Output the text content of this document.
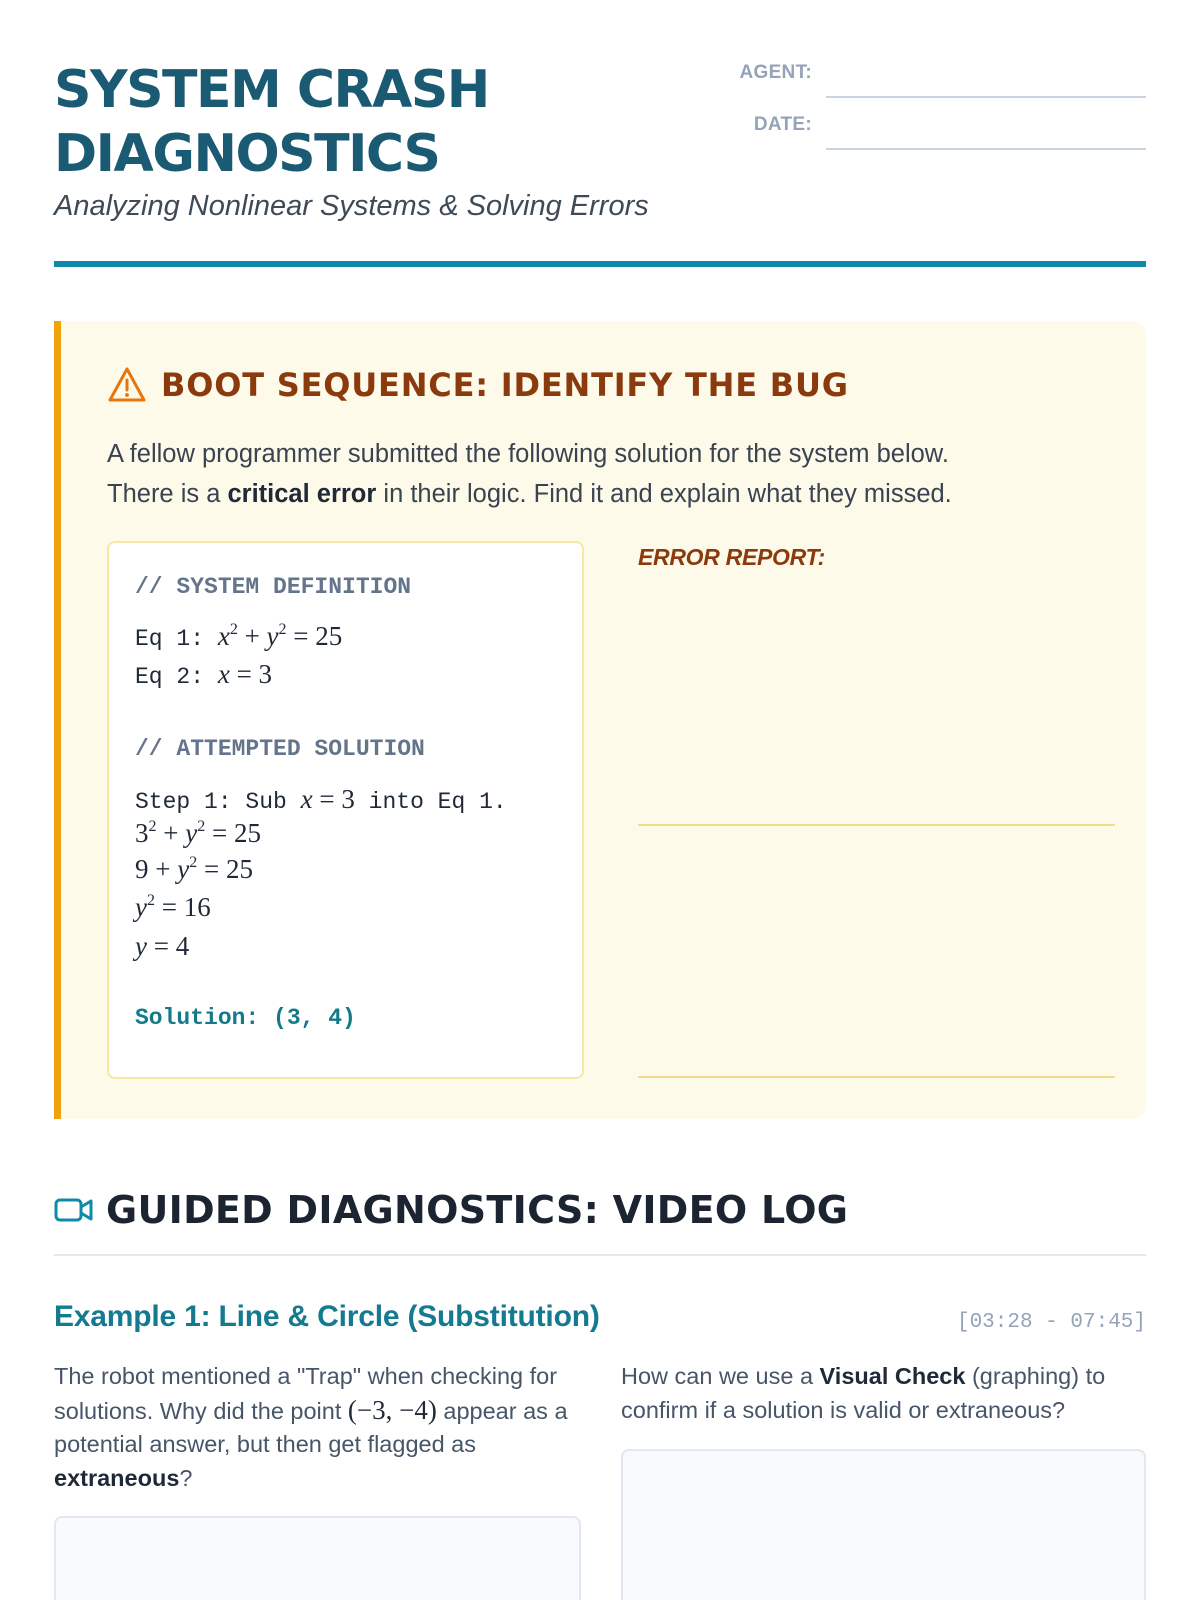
SYSTEM CRASH
DIAGNOSTICS
Analyzing Nonlinear Systems & Solving Errors
AGENT:
DATE:
BOOT SEQUENCE: IDENTIFY THE BUG
A fellow programmer submitted the following solution for the system below.
There is a critical error in their logic. Find it and explain what they missed.
// SYSTEM DEFINITION
Eq 1: $x^2 + y^2 = 25$
Eq 2: x = 3
// ATTEMPTED SOLUTION
Step 1: Sub x = 3 into Eq 1.
$3^2 + y^2 = 25$
$9 + y^2 = 25$
$y^2 = 16$
y = 4
Solution: (3, 4)
ERROR REPORT:
GUIDED DIAGNOSTICS: VIDEO LOG
Example 1: Line & Circle (Substitution)	[03:28 - 07:45]
The robot mentioned a "Trap" when checking for solutions. Why did the point (−3, −4) appear as a potential answer, but then get flagged as extraneous?
How can we use a Visual Check (graphing) to confirm if a solution is valid or extraneous?
